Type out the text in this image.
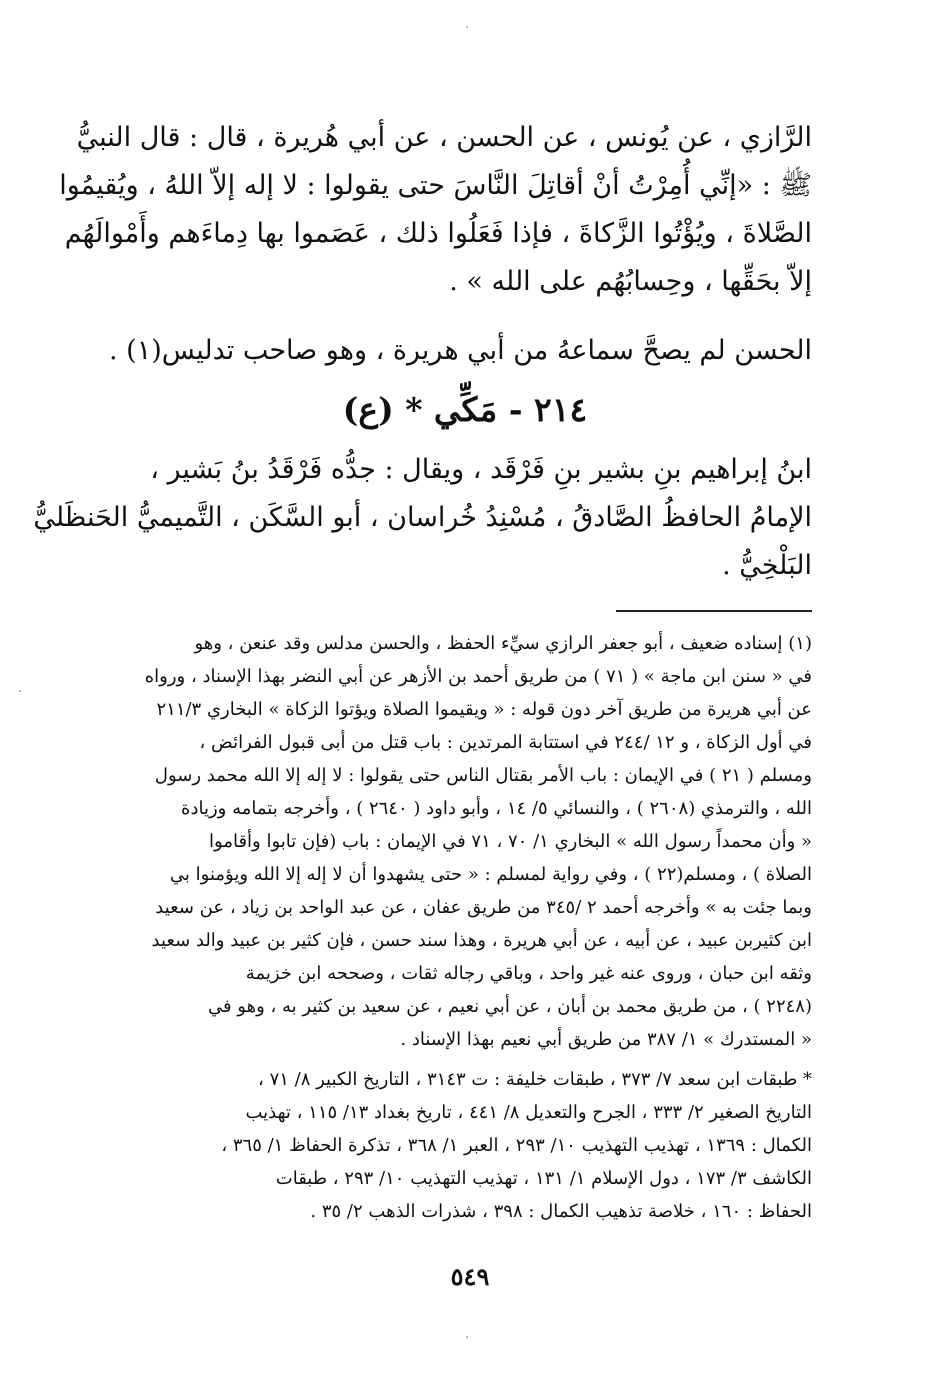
·
·
·
الرَّازي ، عن يُونس ، عن الحسن ، عن أبي هُريرة ، قال : قال النبيُّ
ﷺ : «إنِّي أُمِرْتُ أنْ أقاتِلَ النَّاسَ حتى يقولوا : لا إله إلاّ اللهُ ، ويُقيمُوا
الصَّلاةَ ، ويُؤْتُوا الزَّكاةَ ، فإذا فَعَلُوا ذلك ، عَصَموا بها دِماءَهم وأَمْوالَهُم
إلاّ بحَقِّها ، وحِسابُهُم على الله » .
الحسن لم يصحَّ سماعهُ من أبي هريرة ، وهو صاحب تدليس(١) .
٢١٤ - مَكِّي * (ع)
ابنُ إبراهيم بنِ بشير بنِ فَرْقَد ، ويقال : جدُّه فَرْقَدُ بنُ بَشير ،
الإمامُ الحافظُ الصَّادقُ ، مُسْنِدُ خُراسان ، أبو السَّكَن ، التَّميميُّ الحَنظَليُّ
البَلْخِيُّ .
(١) إسناده ضعيف ، أبو جعفر الرازي سيِّء الحفظ ، والحسن مدلس وقد عنعن ، وهو
في « سنن ابن ماجة » ( ٧١ ) من طريق أحمد بن الأزهر عن أبي النضر بهذا الإسناد ، ورواه
عن أبي هريرة من طريق آخر دون قوله : « ويقيموا الصلاة ويؤتوا الزكاة » البخاري ٢١١/٣
في أول الزكاة ، و ١٢ /٢٤٤ في استتابة المرتدين : باب قتل من أبى قبول الفرائض ،
ومسلم ( ٢١ ) في الإيمان : باب الأمر بقتال الناس حتى يقولوا : لا إله إلا الله محمد رسول
الله ، والترمذي (٢٦٠٨ ) ، والنسائي ٥/ ١٤ ، وأبو داود ( ٢٦٤٠ ) ، وأخرجه بتمامه وزيادة
« وأن محمداً رسول الله » البخاري ١/ ٧٠ ، ٧١ في الإيمان : باب (فإن تابوا وأقاموا
الصلاة ) ، ومسلم(٢٢ ) ، وفي رواية لمسلم : « حتى يشهدوا أن لا إله إلا الله ويؤمنوا بي
وبما جئت به » وأخرجه أحمد ٢ /٣٤٥ من طريق عفان ، عن عبد الواحد بن زياد ، عن سعيد
ابن كثيربن عبيد ، عن أبيه ، عن أبي هريرة ، وهذا سند حسن ، فإن كثير بن عبيد والد سعيد
وثقه ابن حبان ، وروى عنه غير واحد ، وباقي رجاله ثقات ، وصححه ابن خزيمة
(٢٢٤٨ ) ، من طريق محمد بن أبان ، عن أبي نعيم ، عن سعيد بن كثير به ، وهو في
« المستدرك » ١/ ٣٨٧ من طريق أبي نعيم بهذا الإسناد .
* طبقات ابن سعد ٧/ ٣٧٣ ، طبقات خليفة : ت ٣١٤٣ ، التاريخ الكبير ٨/ ٧١ ،
التاريخ الصغير ٢/ ٣٣٣ ، الجرح والتعديل ٨/ ٤٤١ ، تاريخ بغداد ١٣/ ١١٥ ، تهذيب
الكمال : ١٣٦٩ ، تهذيب التهذيب ١٠/ ٢٩٣ ، العبر ١/ ٣٦٨ ، تذكرة الحفاظ ١/ ٣٦٥ ،
الكاشف ٣/ ١٧٣ ، دول الإسلام ١/ ١٣١ ، تهذيب التهذيب ١٠/ ٢٩٣ ، طبقات
الحفاظ : ١٦٠ ، خلاصة تذهيب الكمال : ٣٩٨ ، شذرات الذهب ٢/ ٣٥ .
٥٤٩
